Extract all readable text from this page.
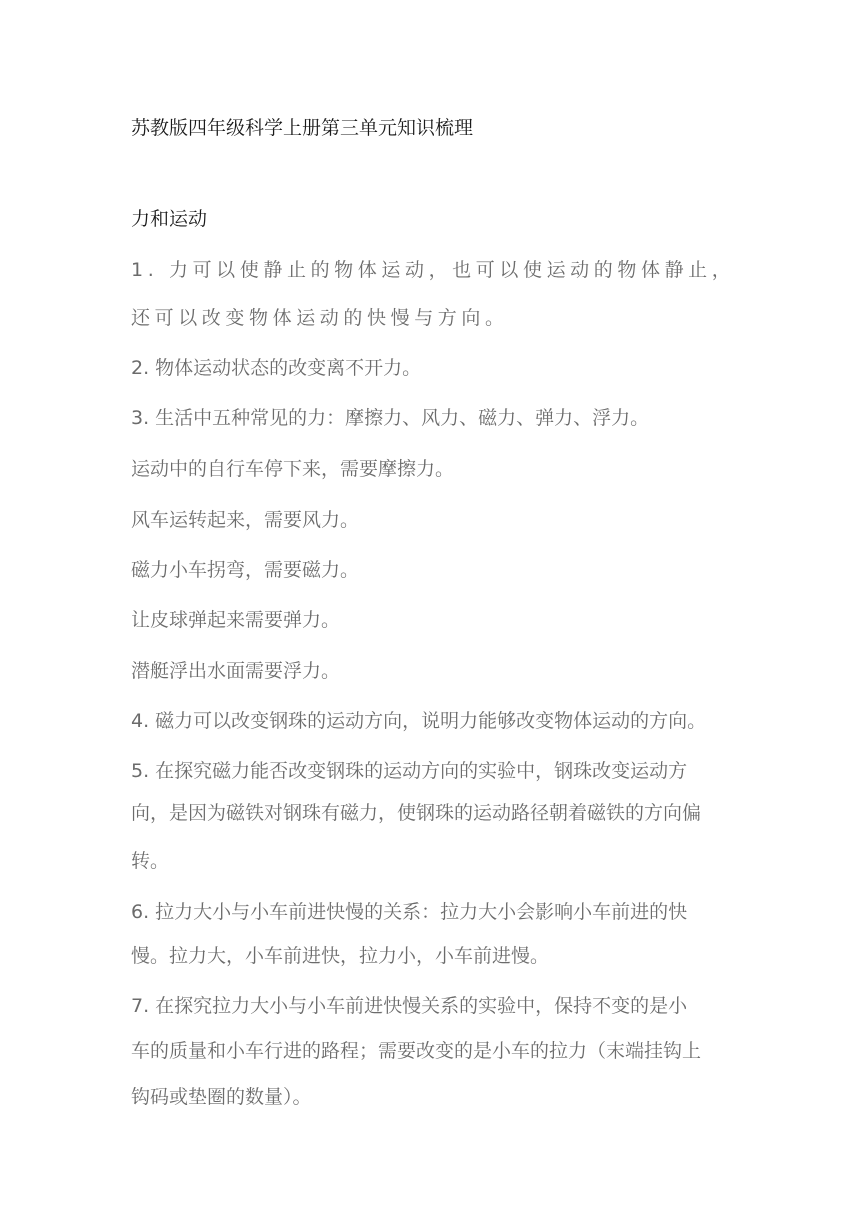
苏教版四年级科学上册第三单元知识梳理
力和运动
1. 力可以使静止的物体运动，也可以使运动的物体静止，
还可以改变物体运动的快慢与方向。
2. 物体运动状态的改变离不开力。
3. 生活中五种常见的力：摩擦力、风力、磁力、弹力、浮力。
运动中的自行车停下来，需要摩擦力。
风车运转起来，需要风力。
磁力小车拐弯，需要磁力。
让皮球弹起来需要弹力。
潜艇浮出水面需要浮力。
4. 磁力可以改变钢珠的运动方向，说明力能够改变物体运动的方向。
5. 在探究磁力能否改变钢珠的运动方向的实验中，钢珠改变运动方
向，是因为磁铁对钢珠有磁力，使钢珠的运动路径朝着磁铁的方向偏
转。
6. 拉力大小与小车前进快慢的关系：拉力大小会影响小车前进的快
慢。拉力大，小车前进快，拉力小，小车前进慢。
7. 在探究拉力大小与小车前进快慢关系的实验中，保持不变的是小
车的质量和小车行进的路程；需要改变的是小车的拉力（末端挂钩上
钩码或垫圈的数量）。
